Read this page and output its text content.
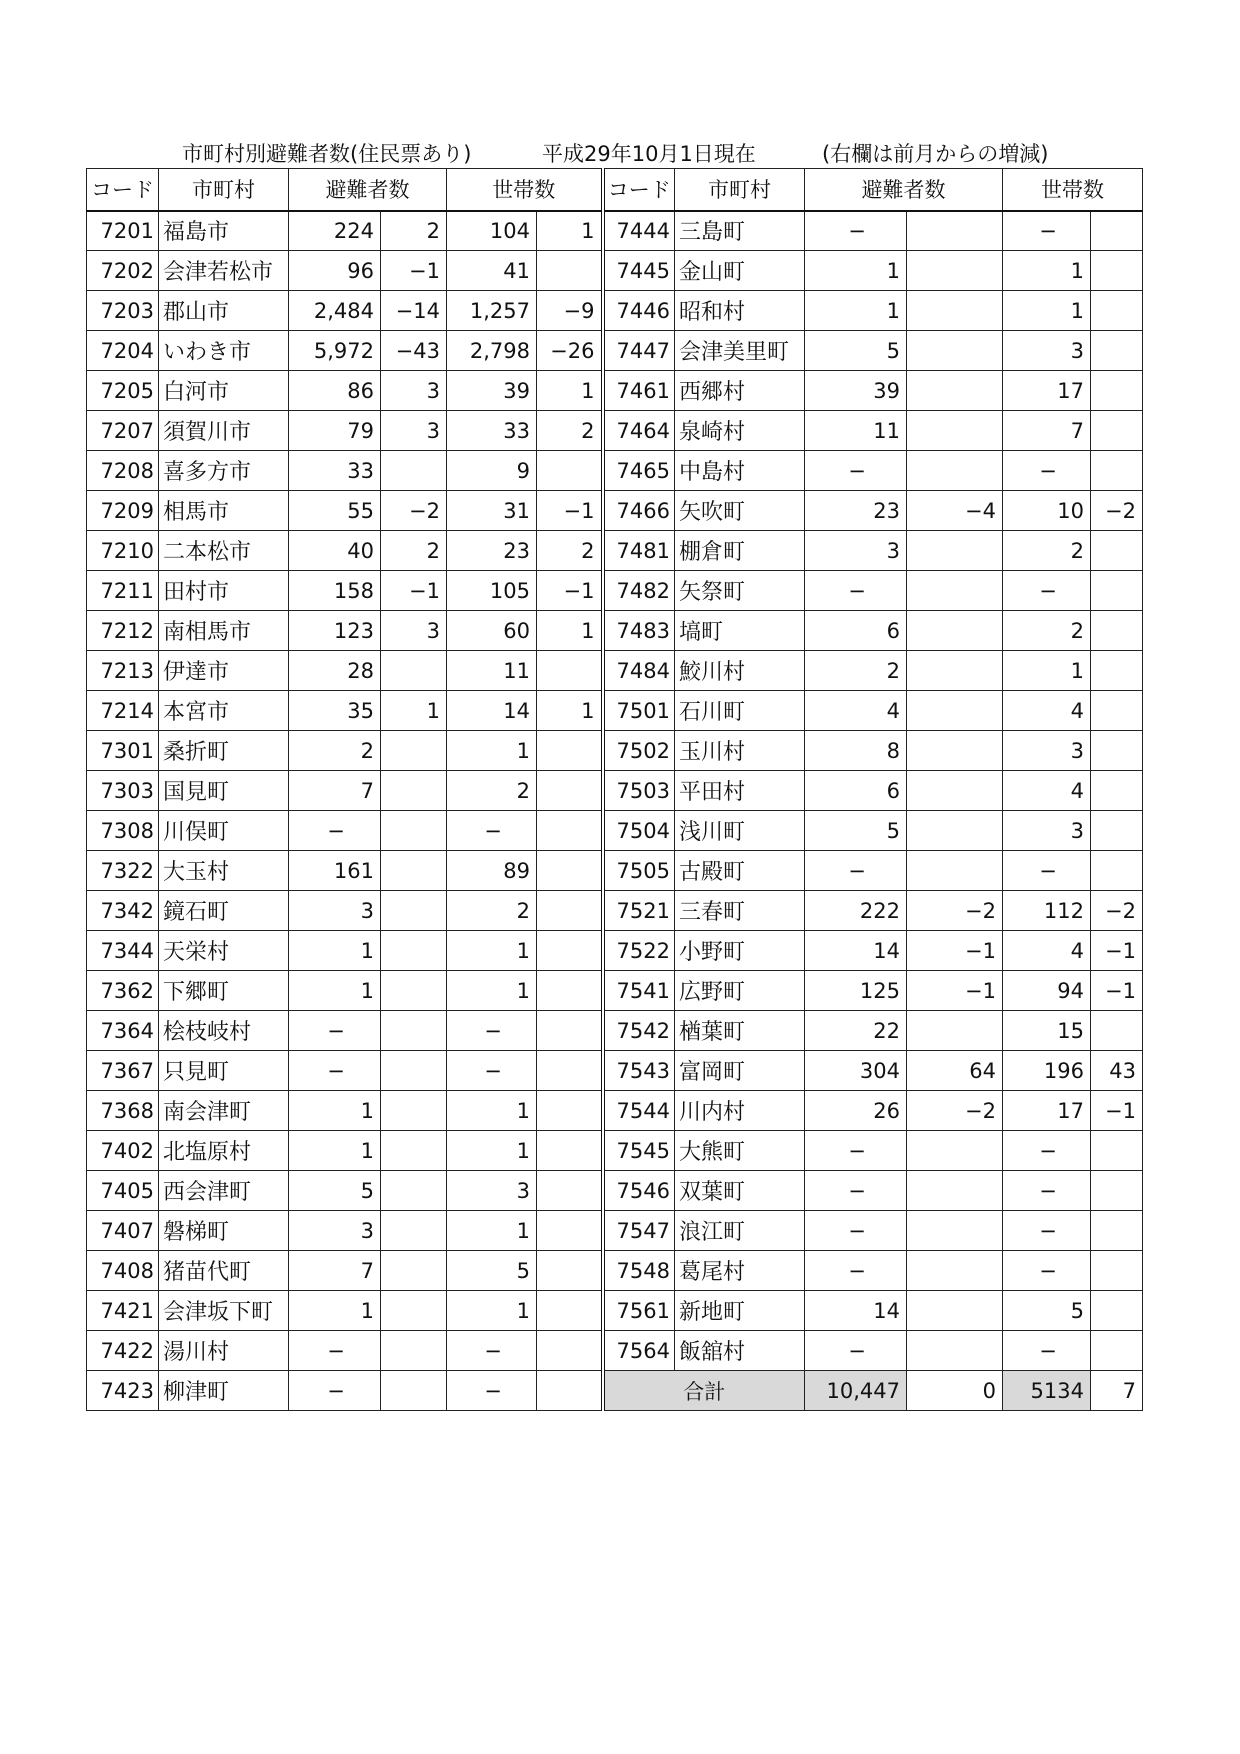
市町村別避難者数(住民票あり)	平成29年10月1日現在	(右欄は前月からの増減)
コード	市町村	避難者数		世帯数		コード	市町村	避難者数		世帯数	
7201	福島市	224	2	104	1	7444	三島町	−		−	
7202	会津若松市	96	−1	41		7445	金山町	1		1	
7203	郡山市	2,484	−14	1,257	−9	7446	昭和村	1		1	
7204	いわき市	5,972	−43	2,798	−26	7447	会津美里町	5		3	
7205	白河市	86	3	39	1	7461	西郷村	39		17	
7207	須賀川市	79	3	33	2	7464	泉崎村	11		7	
7208	喜多方市	33		9		7465	中島村	−		−	
7209	相馬市	55	−2	31	−1	7466	矢吹町	23	−4	10	−2
7210	二本松市	40	2	23	2	7481	棚倉町	3		2	
7211	田村市	158	−1	105	−1	7482	矢祭町	−		−	
7212	南相馬市	123	3	60	1	7483	塙町	6		2	
7213	伊達市	28		11		7484	鮫川村	2		1	
7214	本宮市	35	1	14	1	7501	石川町	4		4	
7301	桑折町	2		1		7502	玉川村	8		3	
7303	国見町	7		2		7503	平田村	6		4	
7308	川俣町	−		−		7504	浅川町	5		3	
7322	大玉村	161		89		7505	古殿町	−		−	
7342	鏡石町	3		2		7521	三春町	222	−2	112	−2
7344	天栄村	1		1		7522	小野町	14	−1	4	−1
7362	下郷町	1		1		7541	広野町	125	−1	94	−1
7364	桧枝岐村	−		−		7542	楢葉町	22		15	
7367	只見町	−		−		7543	富岡町	304	64	196	43
7368	南会津町	1		1		7544	川内村	26	−2	17	−1
7402	北塩原村	1		1		7545	大熊町	−		−	
7405	西会津町	5		3		7546	双葉町	−		−	
7407	磐梯町	3		1		7547	浪江町	−		−	
7408	猪苗代町	7		5		7548	葛尾村	−		−	
7421	会津坂下町	1		1		7561	新地町	14		5	
7422	湯川村	−		−		7564	飯舘村	−		−	
7423	柳津町	−		−		合計		10,447	0	5134	7
